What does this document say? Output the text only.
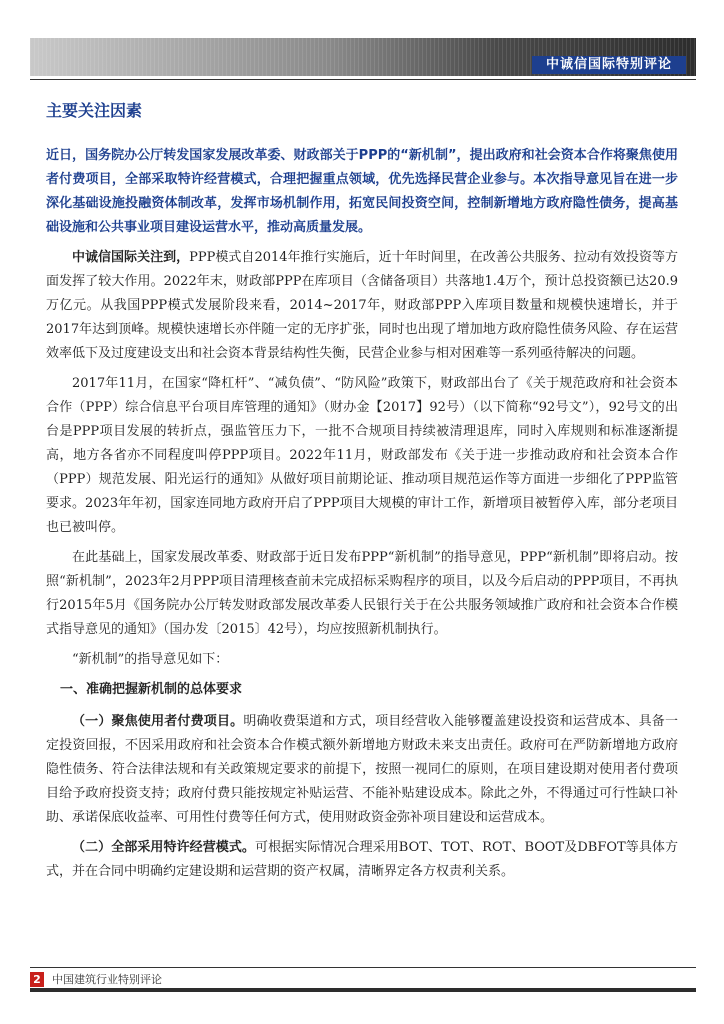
中诚信国际特别评论
主要关注因素

近日，国务院办公厅转发国家发展改革委、财政部关于PPP的“新机制”，提出政府和社会资本合作将聚焦使用者付费项目，全部采取特许经营模式，合理把握重点领域，优先选择民营企业参与。本次指导意见旨在进一步深化基础设施投融资体制改革，发挥市场机制作用，拓宽民间投资空间，控制新增地方政府隐性债务，提高基础设施和公共事业项目建设运营水平，推动高质量发展。

中诚信国际关注到，PPP模式自2014年推行实施后，近十年时间里，在改善公共服务、拉动有效投资等方面发挥了较大作用。2022年末，财政部PPP在库项目（含储备项目）共落地1.4万个，预计总投资额已达20.9万亿元。从我国PPP模式发展阶段来看，2014~2017年，财政部PPP入库项目数量和规模快速增长，并于2017年达到顶峰。规模快速增长亦伴随一定的无序扩张，同时也出现了增加地方政府隐性债务风险、存在运营效率低下及过度建设支出和社会资本背景结构性失衡，民营企业参与相对困难等一系列亟待解决的问题。

2017年11月，在国家“降杠杆”、“减负债”、“防风险”政策下，财政部出台了《关于规范政府和社会资本合作（PPP）综合信息平台项目库管理的通知》（财办金【2017】92号）（以下简称“92号文”），92号文的出台是PPP项目发展的转折点，强监管压力下，一批不合规项目持续被清理退库，同时入库规则和标准逐渐提高，地方各省亦不同程度叫停PPP项目。2022年11月，财政部发布《关于进一步推动政府和社会资本合作（PPP）规范发展、阳光运行的通知》从做好项目前期论证、推动项目规范运作等方面进一步细化了PPP监管要求。2023年年初，国家连同地方政府开启了PPP项目大规模的审计工作，新增项目被暂停入库，部分老项目也已被叫停。

在此基础上，国家发展改革委、财政部于近日发布PPP“新机制”的指导意见，PPP“新机制”即将启动。按照“新机制”，2023年2月PPP项目清理核查前未完成招标采购程序的项目，以及今后启动的PPP项目，不再执行2015年5月《国务院办公厅转发财政部发展改革委人民银行关于在公共服务领域推广政府和社会资本合作模式指导意见的通知》（国办发〔2015〕42号），均应按照新机制执行。

“新机制”的指导意见如下：

一、准确把握新机制的总体要求

（一）聚焦使用者付费项目。明确收费渠道和方式，项目经营收入能够覆盖建设投资和运营成本、具备一定投资回报，不因采用政府和社会资本合作模式额外新增地方财政未来支出责任。政府可在严防新增地方政府隐性债务、符合法律法规和有关政策规定要求的前提下，按照一视同仁的原则，在项目建设期对使用者付费项目给予政府投资支持；政府付费只能按规定补贴运营、不能补贴建设成本。除此之外，不得通过可行性缺口补助、承诺保底收益率、可用性付费等任何方式，使用财政资金弥补项目建设和运营成本。

（二）全部采用特许经营模式。可根据实际情况合理采用BOT、TOT、ROT、BOOT及DBFOT等具体方式，并在合同中明确约定建设期和运营期的资产权属，清晰界定各方权责利关系。

2 中国建筑行业特别评论
